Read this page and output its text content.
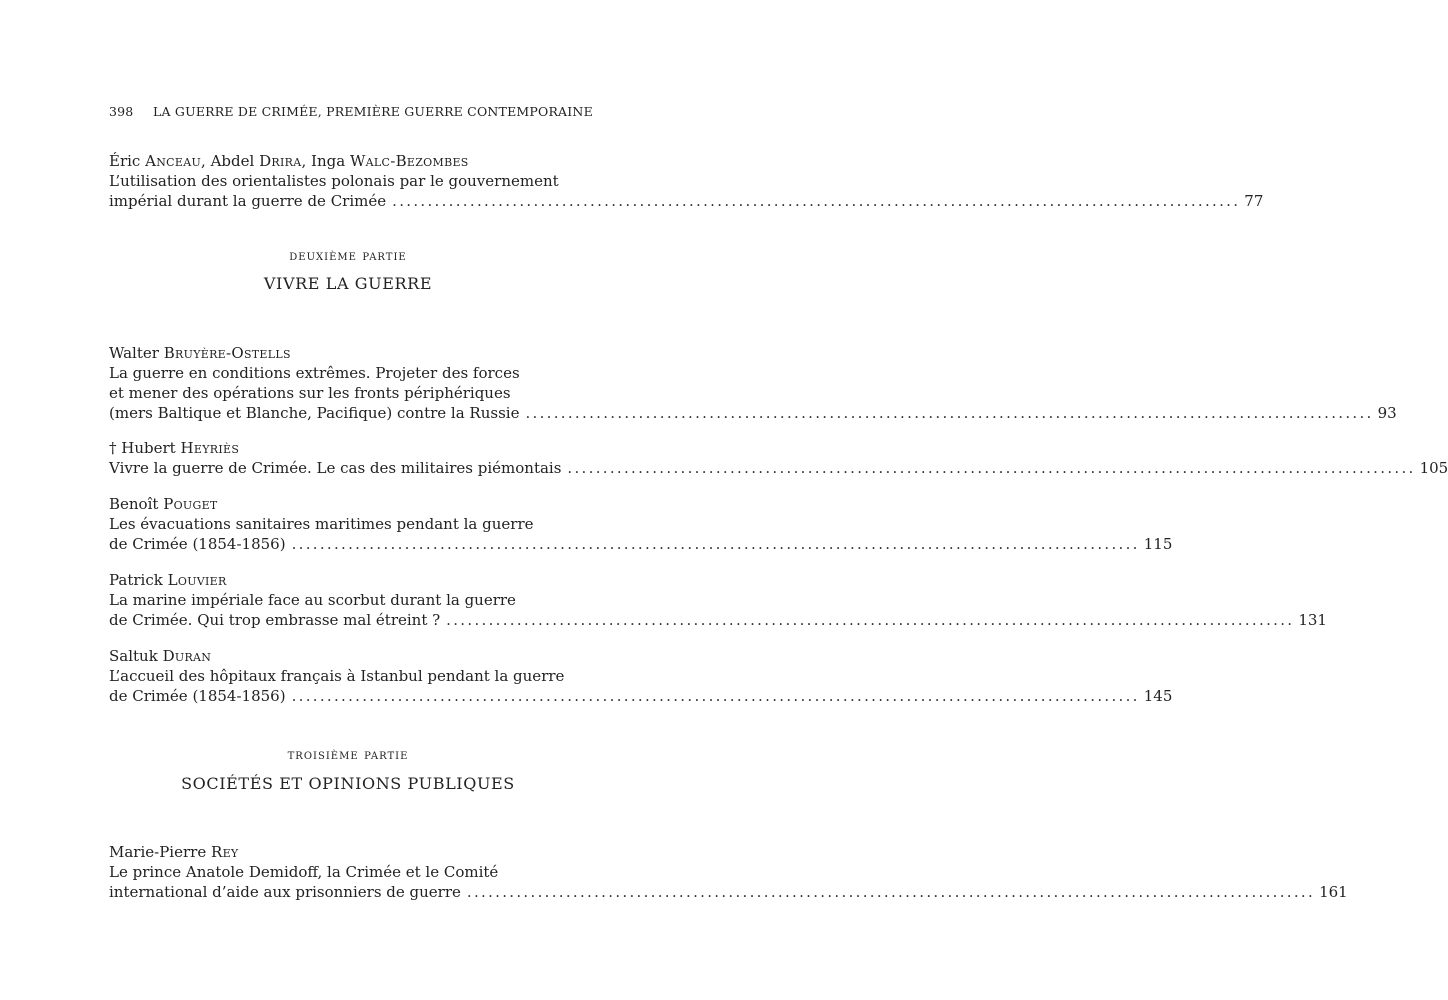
398 LA GUERRE DE CRIMÉE, PREMIÈRE GUERRE CONTEMPORAINE
Éric Anceau, Abdel Drira, Inga Walc-Bezombes
L’utilisation des orientalistes polonais par le gouvernement
impérial durant la guerre de Crimée ........................................................................................................................ 77
deuxième partie
VIVRE LA GUERRE
Walter Bruyère-Ostells
La guerre en conditions extrêmes. Projeter des forces
et mener des opérations sur les fronts périphériques
(mers Baltique et Blanche, Pacifique) contre la Russie ........................................................................................................................ 93
† Hubert Heyriès
Vivre la guerre de Crimée. Le cas des militaires piémontais ........................................................................................................................ 105
Benoît Pouget
Les évacuations sanitaires maritimes pendant la guerre
de Crimée (1854-1856) ........................................................................................................................ 115
Patrick Louvier
La marine impériale face au scorbut durant la guerre
de Crimée. Qui trop embrasse mal étreint ? ........................................................................................................................ 131
Saltuk Duran
L’accueil des hôpitaux français à Istanbul pendant la guerre
de Crimée (1854-1856) ........................................................................................................................ 145
troisième partie
SOCIÉTÉS ET OPINIONS PUBLIQUES
Marie-Pierre Rey
Le prince Anatole Demidoff, la Crimée et le Comité
international d’aide aux prisonniers de guerre ........................................................................................................................ 161
